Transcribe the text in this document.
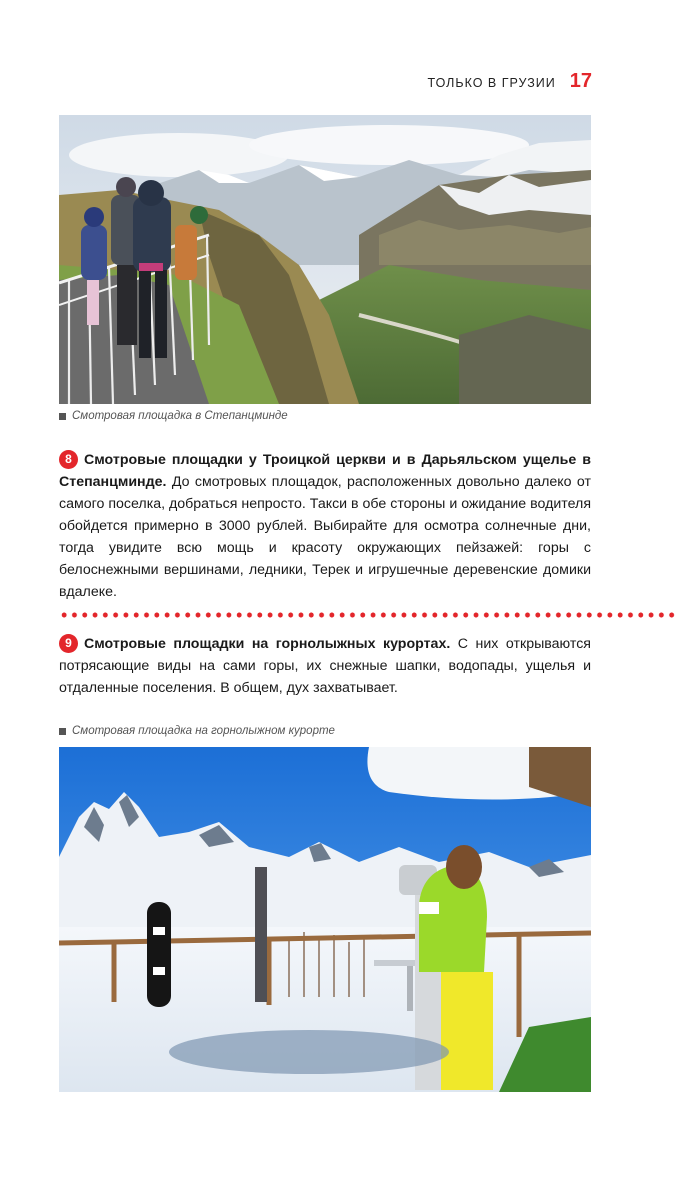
ТОЛЬКО В ГРУЗИИ 17
Смотровая площадка в Степанцминде
8 Смотровые площадки у Троицкой церкви и в Дарьяльском ущелье в Степанцминде. До смотровых площадок, расположенных довольно далеко от самого поселка, добраться непросто. Такси в обе стороны и ожидание водителя обойдется примерно в 3000 рублей. Выбирайте для осмотра солнечные дни, тогда увидите всю мощь и красоту окружающих пейзажей: горы с белоснежными вершинами, ледники, Терек и игрушечные деревенские домики вдалеке.
9 Смотровые площадки на горнолыжных курортах. С них открываются потрясающие виды на сами горы, их снежные шапки, водопады, ущелья и отдаленные поселения. В общем, дух захватывает.
Смотровая площадка на горнолыжном курорте
